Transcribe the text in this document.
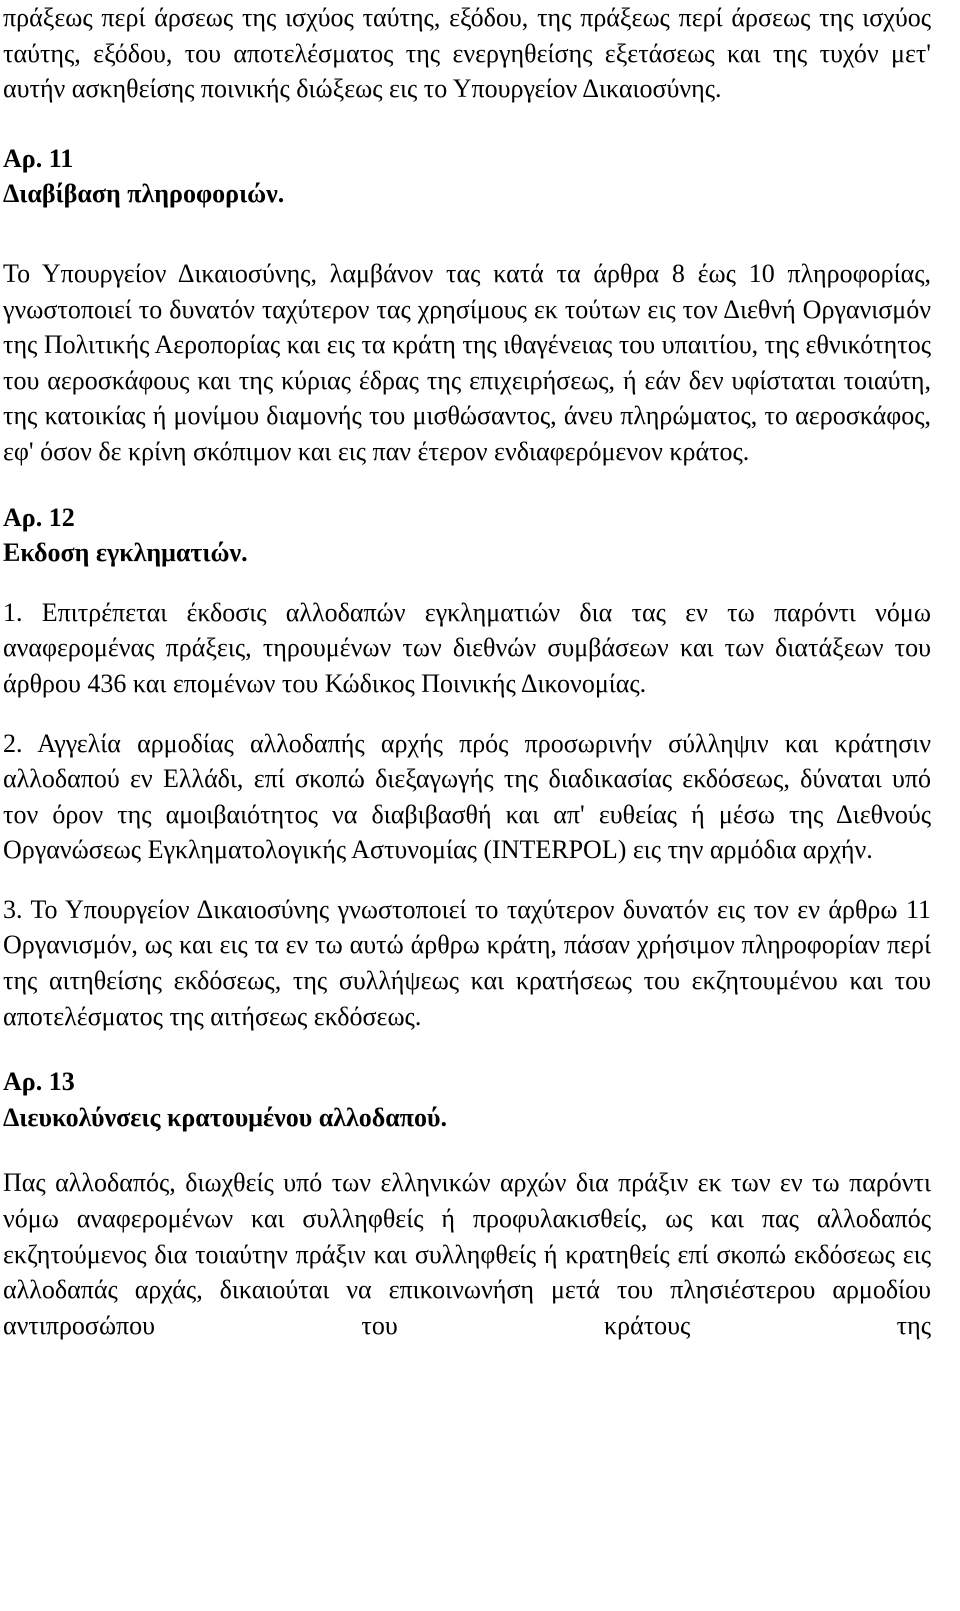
πράξεως περί άρσεως της ισχύος ταύτης, εξόδου, της πράξεως περί άρσεως της ισχύος ταύτης, εξόδου, του αποτελέσματος της ενεργηθείσης εξετάσεως και της τυχόν μετ' αυτήν ασκηθείσης ποινικής διώξεως εις το Υπουργείον Δικαιοσύνης.

Αρ. 11

Διαβίβαση πληροφοριών.

Το Υπουργείον Δικαιοσύνης, λαμβάνον τας κατά τα άρθρα 8 έως 10 πληροφορίας, γνωστοποιεί το δυνατόν ταχύτερον τας χρησίμους εκ τούτων εις τον Διεθνή Οργανισμόν της Πολιτικής Αεροπορίας και εις τα κράτη της ιθαγένειας του υπαιτίου, της εθνικότητος του αεροσκάφους και της κύριας έδρας της επιχειρήσεως, ή εάν δεν υφίσταται τοιαύτη, της κατοικίας ή μονίμου διαμονής του μισθώσαντος, άνευ πληρώματος, το αεροσκάφος, εφ' όσον δε κρίνη σκόπιμον και εις παν έτερον ενδιαφερόμενον κράτος.

Αρ. 12

Εκδοση εγκληματιών.

1. Επιτρέπεται έκδοσις αλλοδαπών εγκληματιών δια τας εν τω παρόντι νόμω αναφερομένας πράξεις, τηρουμένων των διεθνών συμβάσεων και των διατάξεων του άρθρου 436 και επομένων του Κώδικος Ποινικής Δικονομίας.

2. Αγγελία αρμοδίας αλλοδαπής αρχής πρός προσωρινήν σύλληψιν και κράτησιν αλλοδαπού εν Ελλάδι, επί σκοπώ διεξαγωγής της διαδικασίας εκδόσεως, δύναται υπό τον όρον της αμοιβαιότητος να διαβιβασθή και απ' ευθείας ή μέσω της Διεθνούς Οργανώσεως Εγκληματολογικής Αστυνομίας (INTERPOL) εις την αρμόδια αρχήν.

3. Το Υπουργείον Δικαιοσύνης γνωστοποιεί το ταχύτερον δυνατόν εις τον εν άρθρω 11 Οργανισμόν, ως και εις τα εν τω αυτώ άρθρω κράτη, πάσαν χρήσιμον πληροφορίαν περί της αιτηθείσης εκδόσεως, της συλλήψεως και κρατήσεως του εκζητουμένου και του αποτελέσματος της αιτήσεως εκδόσεως.

Αρ. 13

Διευκολύνσεις κρατουμένου αλλοδαπού.

Πας αλλοδαπός, διωχθείς υπό των ελληνικών αρχών δια πράξιν εκ των εν τω παρόντι νόμω αναφερομένων και συλληφθείς ή προφυλακισθείς, ως και πας αλλοδαπός εκζητούμενος δια τοιαύτην πράξιν και συλληφθείς ή κρατηθείς επί σκοπώ εκδόσεως εις αλλοδαπάς αρχάς, δικαιούται να επικοινωνήση μετά του πλησιέστερου αρμοδίου αντιπροσώπου του κράτους της
